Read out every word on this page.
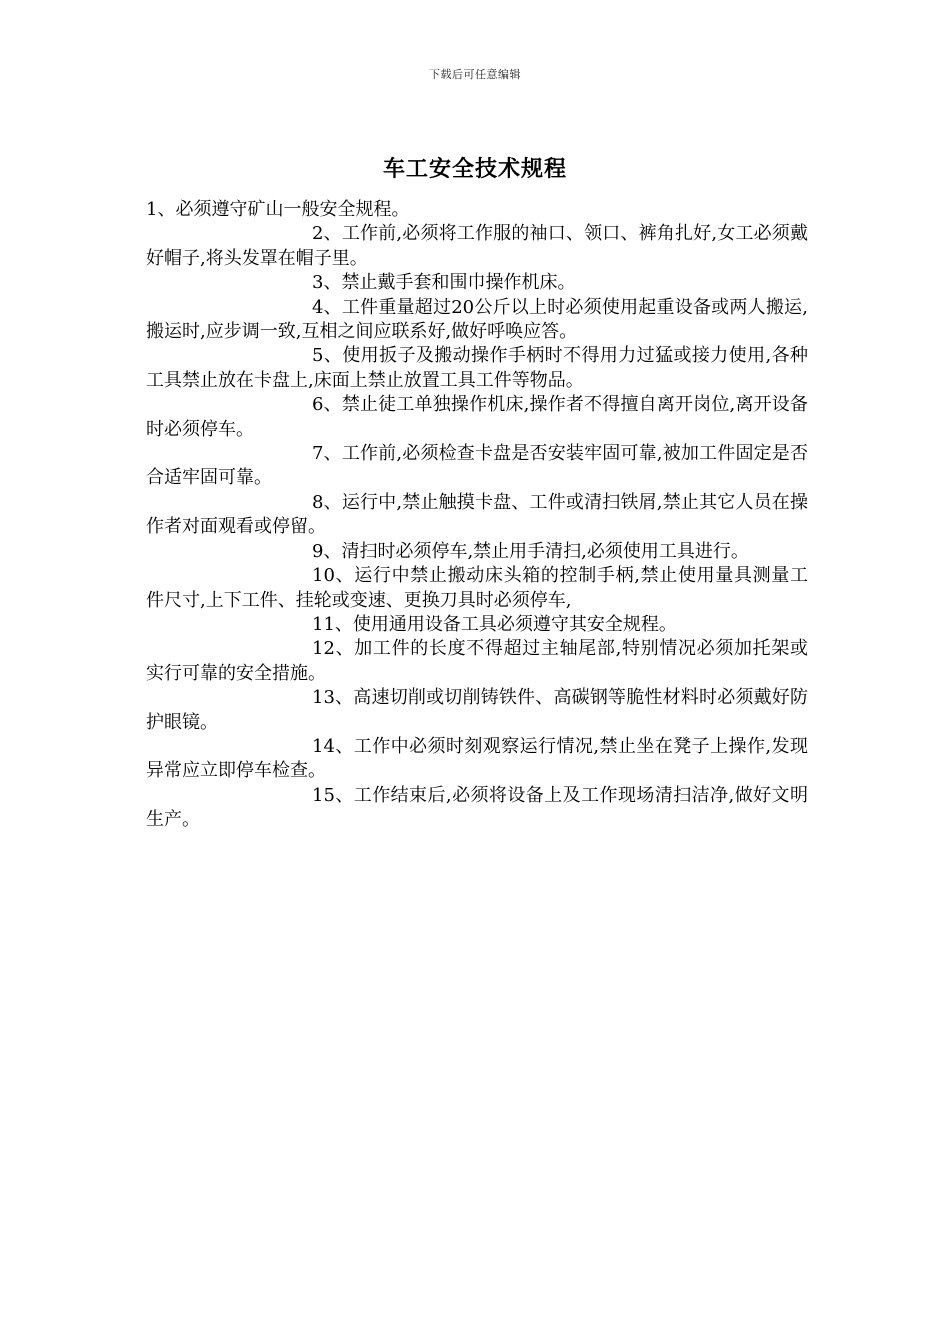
下载后可任意编辑
车工安全技术规程

1、必须遵守矿山一般安全规程。

2、工作前,必须将工作服的袖口、领口、裤角扎好,女工必须戴好帽子,将头发罩在帽子里。

3、禁止戴手套和围巾操作机床。

4、工件重量超过20公斤以上时必须使用起重设备或两人搬运,搬运时,应步调一致,互相之间应联系好,做好呼唤应答。

5、使用扳子及搬动操作手柄时不得用力过猛或接力使用,各种工具禁止放在卡盘上,床面上禁止放置工具工件等物品。

6、禁止徒工单独操作机床,操作者不得擅自离开岗位,离开设备时必须停车。

7、工作前,必须检查卡盘是否安装牢固可靠,被加工件固定是否合适牢固可靠。

8、运行中,禁止触摸卡盘、工件或清扫铁屑,禁止其它人员在操作者对面观看或停留。

9、清扫时必须停车,禁止用手清扫,必须使用工具进行。

10、运行中禁止搬动床头箱的控制手柄,禁止使用量具测量工件尺寸,上下工件、挂轮或变速、更换刀具时必须停车,

11、使用通用设备工具必须遵守其安全规程。

12、加工件的长度不得超过主轴尾部,特别情况必须加托架或实行可靠的安全措施。

13、高速切削或切削铸铁件、高碳钢等脆性材料时必须戴好防护眼镜。

14、工作中必须时刻观察运行情况,禁止坐在凳子上操作,发现异常应立即停车检查。

15、工作结束后,必须将设备上及工作现场清扫洁净,做好文明生产。
